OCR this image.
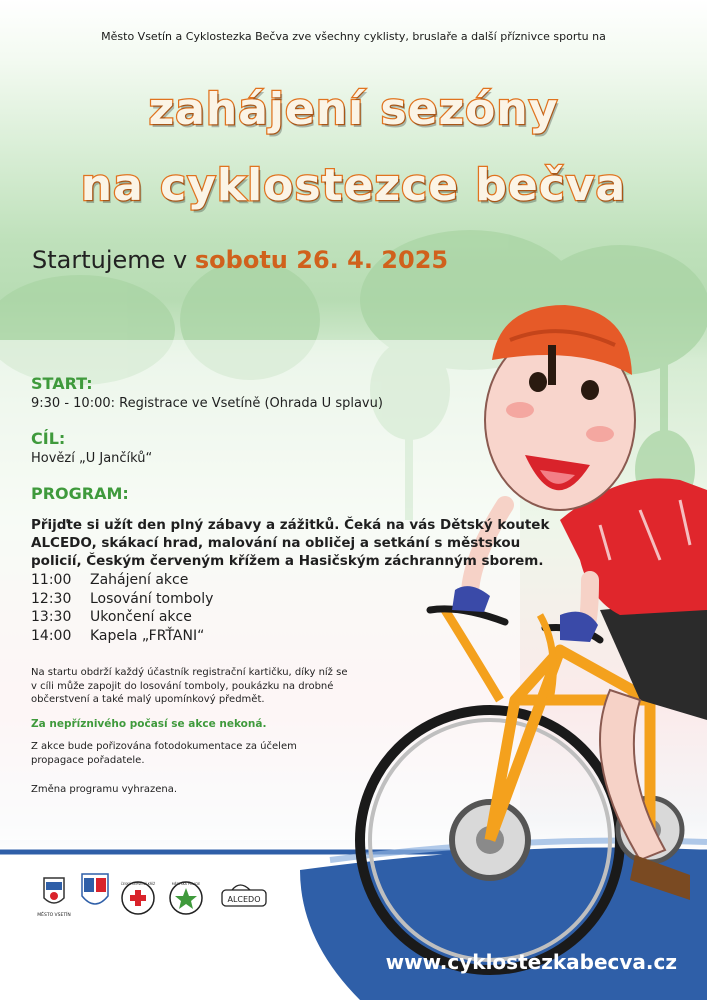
Město Vsetín a Cyklostezka Bečva zve všechny cyklisty, bruslaře a další příznivce sportu na

zahájení sezóny
na cyklostezce bečva
Startujeme v sobotu 26. 4. 2025
START:
9:30 - 10:00: Registrace ve Vsetíně (Ohrada U splavu)
CÍL:
Hovězí „U Jančíků“
PROGRAM:
Přijďte si užít den plný zábavy a zážitků. Čeká na vás Dětský koutek ALCEDO, skákací hrad, malování na obličej a setkání s městskou policií, Českým červeným křížem a Hasičským záchranným sborem.
11:00 Zahájení akce
12:30 Losování tomboly
13:30 Ukončení akce
14:00 Kapela „FRŤANI“
Na startu obdrží každý účastník registrační kartičku, díky níž se v cíli může zapojit do losování tomboly, poukázku na drobné občerstvení a také malý upomínkový předmět.
Za nepříznivého počasí se akce nekoná.
Z akce bude pořizována fotodokumentace za účelem propagace pořadatele.
Změna programu vyhrazena.
MĚSTO VSETÍN
ČESKÝ ČERVENÝ KŘÍŽ	MĚSTSKÁ POLICIE
ALCEDO
www.cyklostezkabecva.cz
